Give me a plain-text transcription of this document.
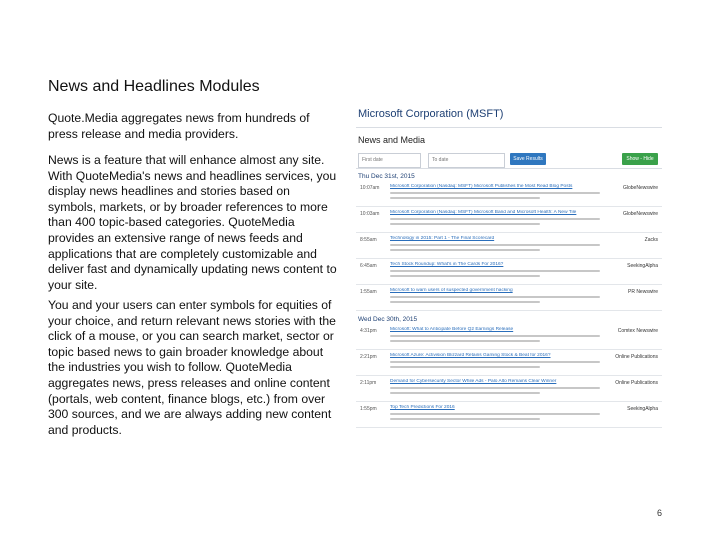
News and Headlines Modules
Quote.Media aggregates news from hundreds of press release and media providers.
News is a feature that will enhance almost any site. With QuoteMedia's news and headlines services, you display news headlines and stories based on symbols, markets, or by broader references to more than 400 topic-based categories. QuoteMedia provides an extensive range of news feeds and applications that are completely customizable and deliver fast and dynamically updating news content to your site.
You and your users can enter symbols for equities of your choice, and return relevant news stories with the click of a mouse, or you can search market, sector or topic based news to gain broader knowledge about the industries you wish to follow. QuoteMedia aggregates news, press releases and online content (portals, web content, finance blogs, etc.) from over 300 sources, and we are always adding new content and products.
Microsoft Corporation (MSFT)
News and Media
First date
To date
Save Results	Show - Hide
Thu Dec 31st, 2015
10:07am Microsoft Corporation (Nasdaq: MSFT) Microsoft Publishes the Most Read Blog Posts	GlobeNewswire
10:03am Microsoft Corporation (Nasdaq: MSFT) Microsoft Band and Microsoft Health: A New Tile	GlobeNewswire
8:55am	Technology in 2015: Part 1 - The Final Scorecard	Zacks
6:45am	Tech Stock Roundup: What's in The Cards For 2016?	SeekingAlpha
1:55am	Microsoft to warn users of suspected government hacking	PR Newswire
Wed Dec 30th, 2015
4:31pm	Microsoft: What to Anticipate Before Q2 Earnings Release	Comtex Newswire
2:21pm	Microsoft Azure: Activision Blizzard Retains Gaming Stock & Beat for 2016?	Online Publications
2:11pm	Demand for Cybersecurity Sector While Ads - Palo Alto Remains Clear Winner	Online Publications
1:55pm	Top Tech Predictions For 2016	SeekingAlpha
6
